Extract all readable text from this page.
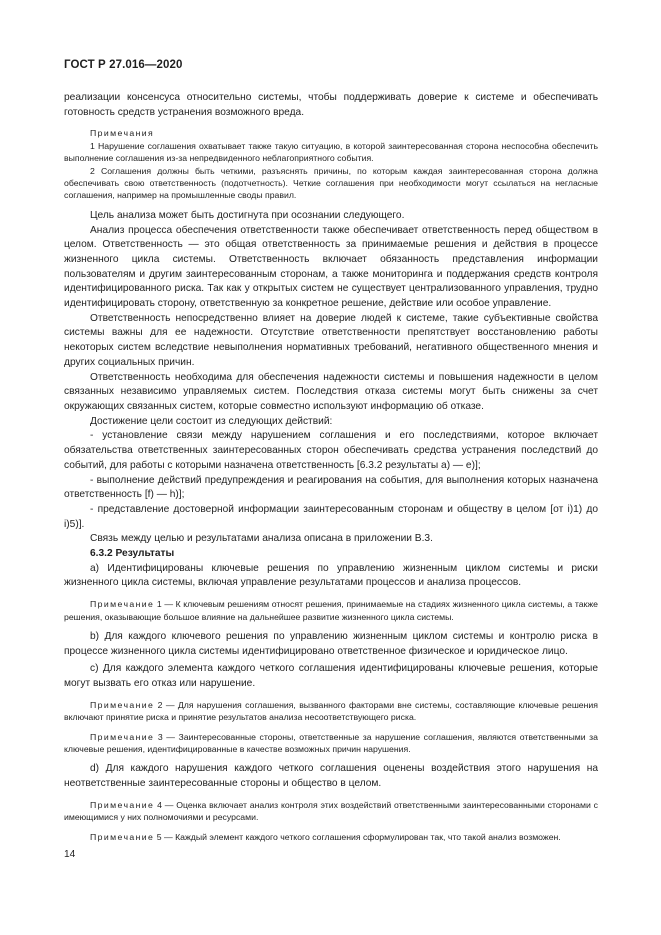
ГОСТ Р 27.016—2020

реализации консенсуса относительно системы, чтобы поддерживать доверие к системе и обеспечивать готовность средств устранения возможного вреда.

Примечания

1 Нарушение соглашения охватывает также такую ситуацию, в которой заинтересованная сторона неспособна обеспечить выполнение соглашения из-за непредвиденного неблагоприятного события.

2 Соглашения должны быть четкими, разъяснять причины, по которым каждая заинтересованная сторона должна обеспечивать свою ответственность (подотчетность). Четкие соглашения при необходимости могут ссылаться на негласные соглашения, например на промышленные своды правил.

Цель анализа может быть достигнута при осознании следующего.

Анализ процесса обеспечения ответственности также обеспечивает ответственность перед обществом в целом. Ответственность — это общая ответственность за принимаемые решения и действия в процессе жизненного цикла системы. Ответственность включает обязанность представления информации пользователям и другим заинтересованным сторонам, а также мониторинга и поддержания средств контроля идентифицированного риска. Так как у открытых систем не существует централизованного управления, трудно идентифицировать сторону, ответственную за конкретное решение, действие или особое управление.

Ответственность непосредственно влияет на доверие людей к системе, такие субъективные свойства системы важны для ее надежности. Отсутствие ответственности препятствует восстановлению работы некоторых систем вследствие невыполнения нормативных требований, негативного общественного мнения и других социальных причин.

Ответственность необходима для обеспечения надежности системы и повышения надежности в целом связанных независимо управляемых систем. Последствия отказа системы могут быть снижены за счет окружающих связанных систем, которые совместно используют информацию об отказе.

Достижение цели состоит из следующих действий:

- установление связи между нарушением соглашения и его последствиями, которое включает обязательства ответственных заинтересованных сторон обеспечивать средства устранения последствий до событий, для работы с которыми назначена ответственность [6.3.2 результаты а) — е)];

- выполнение действий предупреждения и реагирования на события, для выполнения которых назначена ответственность [f) — h)];

- представление достоверной информации заинтересованным сторонам и обществу в целом [от i)1) до i)5)].

Связь между целью и результатами анализа описана в приложении В.3.

6.3.2 Результаты

а) Идентифицированы ключевые решения по управлению жизненным циклом системы и риски жизненного цикла системы, включая управление результатами процессов и анализа процессов.

Примечание 1 — К ключевым решениям относят решения, принимаемые на стадиях жизненного цикла системы, а также решения, оказывающие большое влияние на дальнейшее развитие жизненного цикла системы.

b) Для каждого ключевого решения по управлению жизненным циклом системы и контролю риска в процессе жизненного цикла системы идентифицировано ответственное физическое и юридическое лицо.

с) Для каждого элемента каждого четкого соглашения идентифицированы ключевые решения, которые могут вызвать его отказ или нарушение.

Примечание 2 — Для нарушения соглашения, вызванного факторами вне системы, составляющие ключевые решения включают принятие риска и принятие результатов анализа несоответствующего риска.

Примечание 3 — Заинтересованные стороны, ответственные за нарушение соглашения, являются ответственными за ключевые решения, идентифицированные в качестве возможных причин нарушения.

d) Для каждого нарушения каждого четкого соглашения оценены воздействия этого нарушения на неответственные заинтересованные стороны и общество в целом.

Примечание 4 — Оценка включает анализ контроля этих воздействий ответственными заинтересованными сторонами с имеющимися у них полномочиями и ресурсами.

Примечание 5 — Каждый элемент каждого четкого соглашения сформулирован так, что такой анализ возможен.

14
